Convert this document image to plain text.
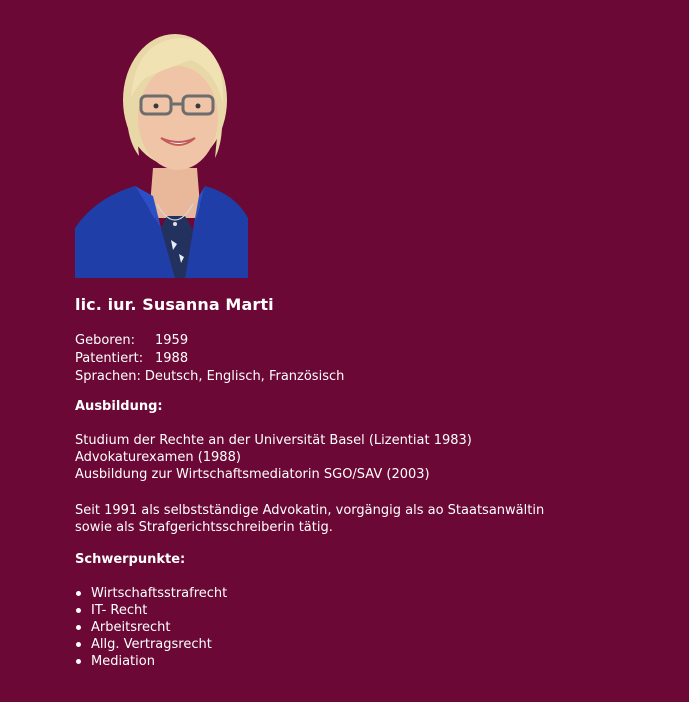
lic. iur. Susanna Marti
Geboren: 1959
Patentiert: 1988
Sprachen: Deutsch, Englisch, Französisch
Ausbildung:
Studium der Rechte an der Universität Basel (Lizentiat 1983)
Advokaturexamen (1988)
Ausbildung zur Wirtschaftsmediatorin SGO/SAV (2003)
Seit 1991 als selbstständige Advokatin, vorgängig als ao Staatsanwältin
sowie als Strafgerichtsschreiberin tätig.
Schwerpunkte:
Wirtschaftsstrafrecht
IT- Recht
Arbeitsrecht
Allg. Vertragsrecht
Mediation
